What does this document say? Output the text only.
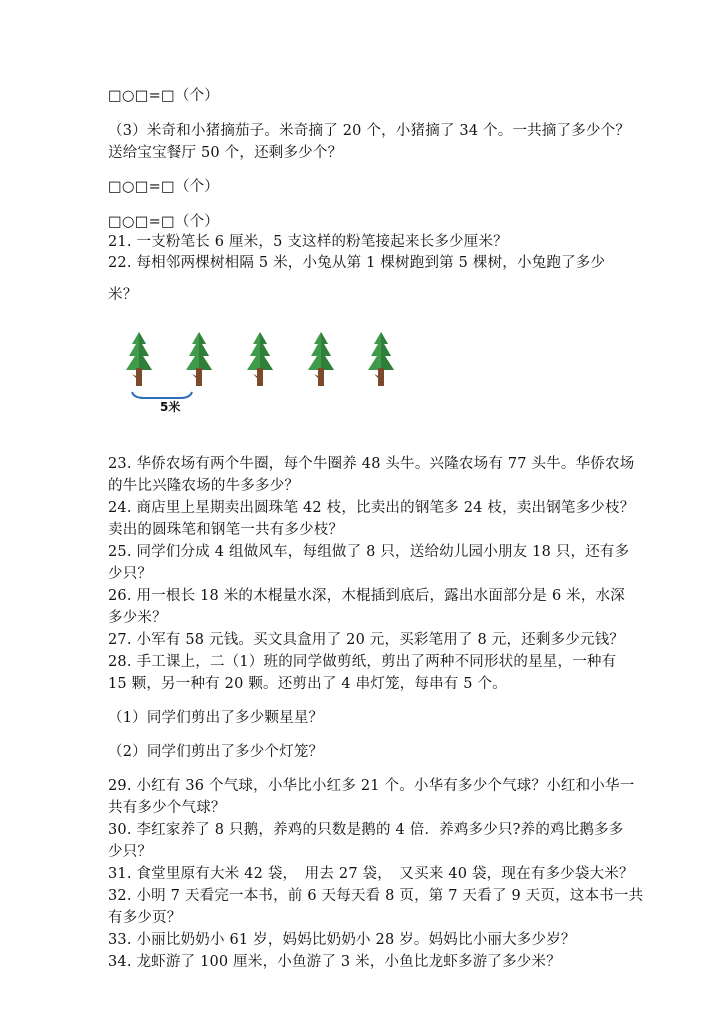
□○□=□（个）
（3）米奇和小猪摘茄子。米奇摘了 20 个，小猪摘了 34 个。一共摘了多少个？
送给宝宝餐厅 50 个，还剩多少个？
□○□=□（个）
□○□=□（个）
21. 一支粉笔长 6 厘米，5 支这样的粉笔接起来长多少厘米？
22. 每相邻两棵树相隔 5 米，小兔从第 1 棵树跑到第 5 棵树，小兔跑了多少
米？
5米
23. 华侨农场有两个牛圈，每个牛圈养 48 头牛。兴隆农场有 77 头牛。华侨农场
的牛比兴隆农场的牛多多少？
24. 商店里上星期卖出圆珠笔 42 枝，比卖出的钢笔多 24 枝，卖出钢笔多少枝？
卖出的圆珠笔和钢笔一共有多少枝？
25. 同学们分成 4 组做风车，每组做了 8 只，送给幼儿园小朋友 18 只，还有多
少只？
26. 用一根长 18 米的木棍量水深，木棍插到底后，露出水面部分是 6 米，水深
多少米？
27. 小军有 58 元钱。买文具盒用了 20 元，买彩笔用了 8 元，还剩多少元钱？
28. 手工课上，二（1）班的同学做剪纸，剪出了两种不同形状的星星，一种有
15 颗，另一种有 20 颗。还剪出了 4 串灯笼，每串有 5 个。
（1）同学们剪出了多少颗星星？
（2）同学们剪出了多少个灯笼？
29. 小红有 36 个气球，小华比小红多 21 个。小华有多少个气球？小红和小华一
共有多少个气球？
30. 李红家养了 8 只鹅，养鸡的只数是鹅的 4 倍．养鸡多少只?养的鸡比鹅多多
少只？
31. 食堂里原有大米 42 袋，　用去 27 袋，　又买来 40 袋，现在有多少袋大米？
32. 小明 7 天看完一本书，前 6 天每天看 8 页，第 7 天看了 9 天页，这本书一共
有多少页？
33. 小丽比奶奶小 61 岁，妈妈比奶奶小 28 岁。妈妈比小丽大多少岁？
34. 龙虾游了 100 厘米，小鱼游了 3 米，小鱼比龙虾多游了多少米？
